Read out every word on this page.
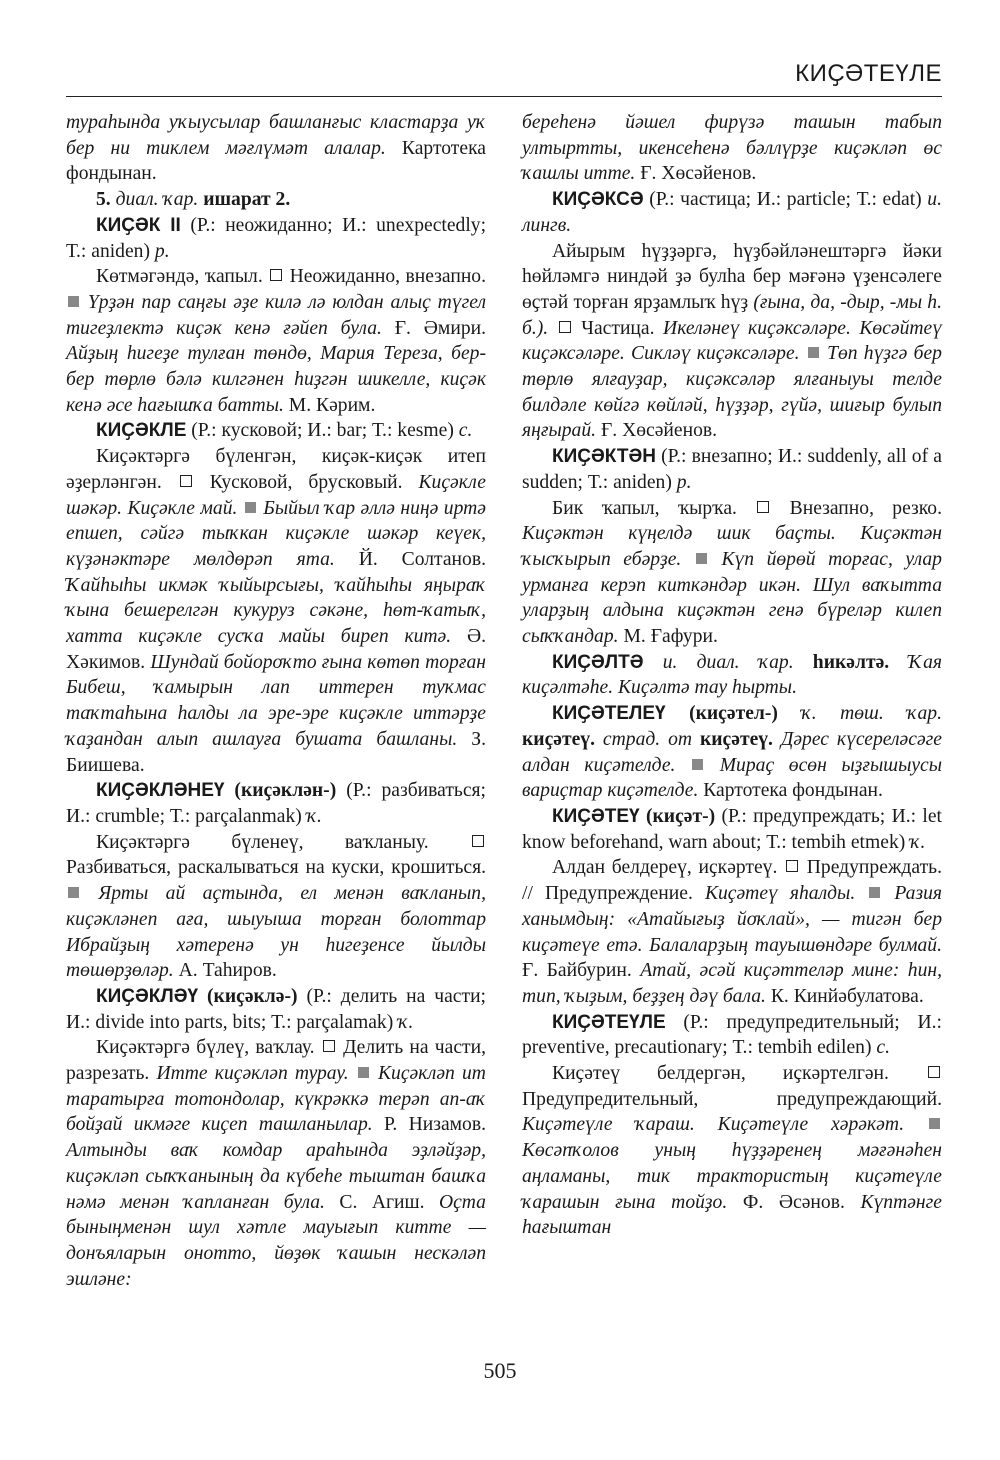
КИҪӘТЕҮЛЕ

тураһында уҡыусылар башланғыс кластарҙа уҡ бер ни тиклем мәғлүмәт алалар. Картотека фондынан.

5. диал. ҡар. ишарат 2.

КИҪӘК II (Р.: неожиданно; И.: unexpectedly; Т.: aniden) р.

Көтмәгәндә, ҡапыл. Неожиданно, внезапно.  Үрҙән пар саңғы әҙе килә лә юлдан алыҫ түгел тигеҙлектә киҫәк кенә ғәйеп була. Ғ. Әмири. Айҙың һигеҙе тулған төндө, Мария Тереза, бер-бер төрлө бәлә килгәнен һиҙгән шикелле, киҫәк кенә әсе һағышҡа батты. М. Кәрим.

КИҪӘКЛЕ (Р.: кусковой; И.: bar; Т.: kesme) с.

Киҫәктәргә бүленгән, киҫәк-киҫәк итеп әҙерләнгән. Кусковой, брусковый. Киҫәкле шәкәр. Киҫәкле май. Быйыл ҡар әллә ниңә иртә епшеп, сәйгә тыҡкан киҫәкле шәкәр кеүек, күҙәнәктәре мөлдөрәп ята. Й. Солтанов. Ҡайһыһы икмәк ҡыйырсығы, ҡайһыһы яңыраҡ ҡына бешерелгән кукуруз сәкәне, һөт-ҡатыҡ, хатта киҫәкле сусҡа майы биреп китә. Ә. Хәкимов. Шундай бойороҡто ғына көтөп торған Бибеш, ҡамырын лап иттерен туҡмас таҡтаһына һалды ла эре-эре киҫәкле иттәрҙе ҡаҙандан алып ашлауға бушата башланы. З. Биишева.

КИҪӘКЛӘНЕҮ (киҫәклән-) (Р.: разбиваться; И.: crumble; Т.: parçalanmak) ҡ.

Киҫәктәргә бүленеү, ваҡланыу.  Разбиваться, раскалываться на куски, крошиться.  Ярты ай аҫтында, ел менән ваҡланып, киҫәкләнеп аға, шыуыша торған болоттар Ибрайҙың хәтеренә ун һигеҙенсе йылды төшөрҙөләр. А. Таһиров.

КИҪӘКЛӘҮ (киҫәклә-) (Р.: делить на части; И.: divide into parts, bits; Т.: parçalamak) ҡ.

Киҫәктәргә бүлеү, ваҡлау. Делить на части, разрезать. Итте киҫәкләп турау. Киҫәкләп ит таратырға тотондолар, күкрәккә терәп ап-аҡ бойҙай икмәге киҫеп ташланылар. Р. Низамов. Алтынды ваҡ комдар араһында эҙләйҙәр, киҫәкләп сыҡҡанының да күбеһе тыштан башҡа нәмә менән ҡапланған була. С. Агиш. Оҫта быныңменән шул хәтле мауығып китте — донъяларын онотто, йөҙөк ҡашын нескәләп эшләне:

береһенә йәшел фирүзә ташын табып ултыртты, икенсеһенә бәллүрҙе киҫәкләп өс ҡашлы итте. Ғ. Хөсәйенов.

КИҪӘКСӘ (Р.: частица; И.: particle; Т.: edat) и. лингв.

Айырым һүҙҙәргә, һүҙбәйләнештәргә йәки һөйләмгә ниндәй ҙә булһа бер мәғәнә үҙенсәлеге өҫтәй торған ярҙамлыҡ һүҙ (ғына, да, -дыр, -мы һ. б.). Частица. Икеләнеү киҫәксәләре. Көсәйтеү киҫәксәләре. Сикләү киҫәксәләре. Төп һүҙгә бер төрлө ялғауҙар, киҫәксәләр ялғаныуы телде билдәле көйгә көйләй, һүҙҙәр, гүйә, шиғыр булып яңғырай. Ғ. Хөсәйенов.

КИҪӘКТӘН (Р.: внезапно; И.: suddenly, all of a sudden; Т.: aniden) р.

Бик ҡапыл, ҡырҡа.	Внезапно, резко. Киҫәктән күңелдә шик баҫты. Киҫәктән ҡысҡырып ебәрҙе. Күп йөрөй торғас, улар урманға керэп киткәндәр икән. Шул ваҡытта уларҙың алдына киҫәктән генә бүреләр килеп сыҡҡандар. М. Ғафури.

КИҪӘЛТӘ и. диал. ҡар. һикәлтә. Ҡая киҫәлтәһе. Киҫәлтә тау һырты.

КИҪӘТЕЛЕҮ (киҫәтел-) ҡ. төш. ҡар. киҫәтеү. страд. от киҫәтеү. Дәрес күсереләсәге алдан киҫәтелде. Мираҫ өсөн ыҙғышыусы вариҫтар киҫәтелде. Картотека фондынан.

КИҪӘТЕҮ (киҫәт-) (Р.: предупреждать; И.: let know beforehand, warn about; Т.: tembih etmek) ҡ.

Алдан белдереү, иҫкәртеү. Предупреждать. // Предупреждение. Киҫәтеү яһалды. Разия ханымдың: «Атайығыҙ йоҡлай», — тигән бер киҫәтеүе етә. Балаларҙың тауышөндәре булмай. Ғ. Байбурин. Атай, әсәй киҫәттеләр мине: һин, тип, ҡыҙым, беҙҙең дәү бала. К. Кинйәбулатова.

КИҪӘТЕҮЛЕ (Р.: предупредительный; И.: preventive, precautionary; Т.: tembih edilen) с.

Киҫәтеү белдергән, иҫкәртелгән.  Предупредительный, предупреждающий. Киҫәтеүле ҡараш. Киҫәтеүле хәрәкәт.  Көсәпҡолов уның һүҙҙәренең мәғәнәһен аңламаны, тик трактористың киҫәтеүле ҡарашын ғына тойҙо. Ф. Әсәнов. Күптәнге һағыштан

505
